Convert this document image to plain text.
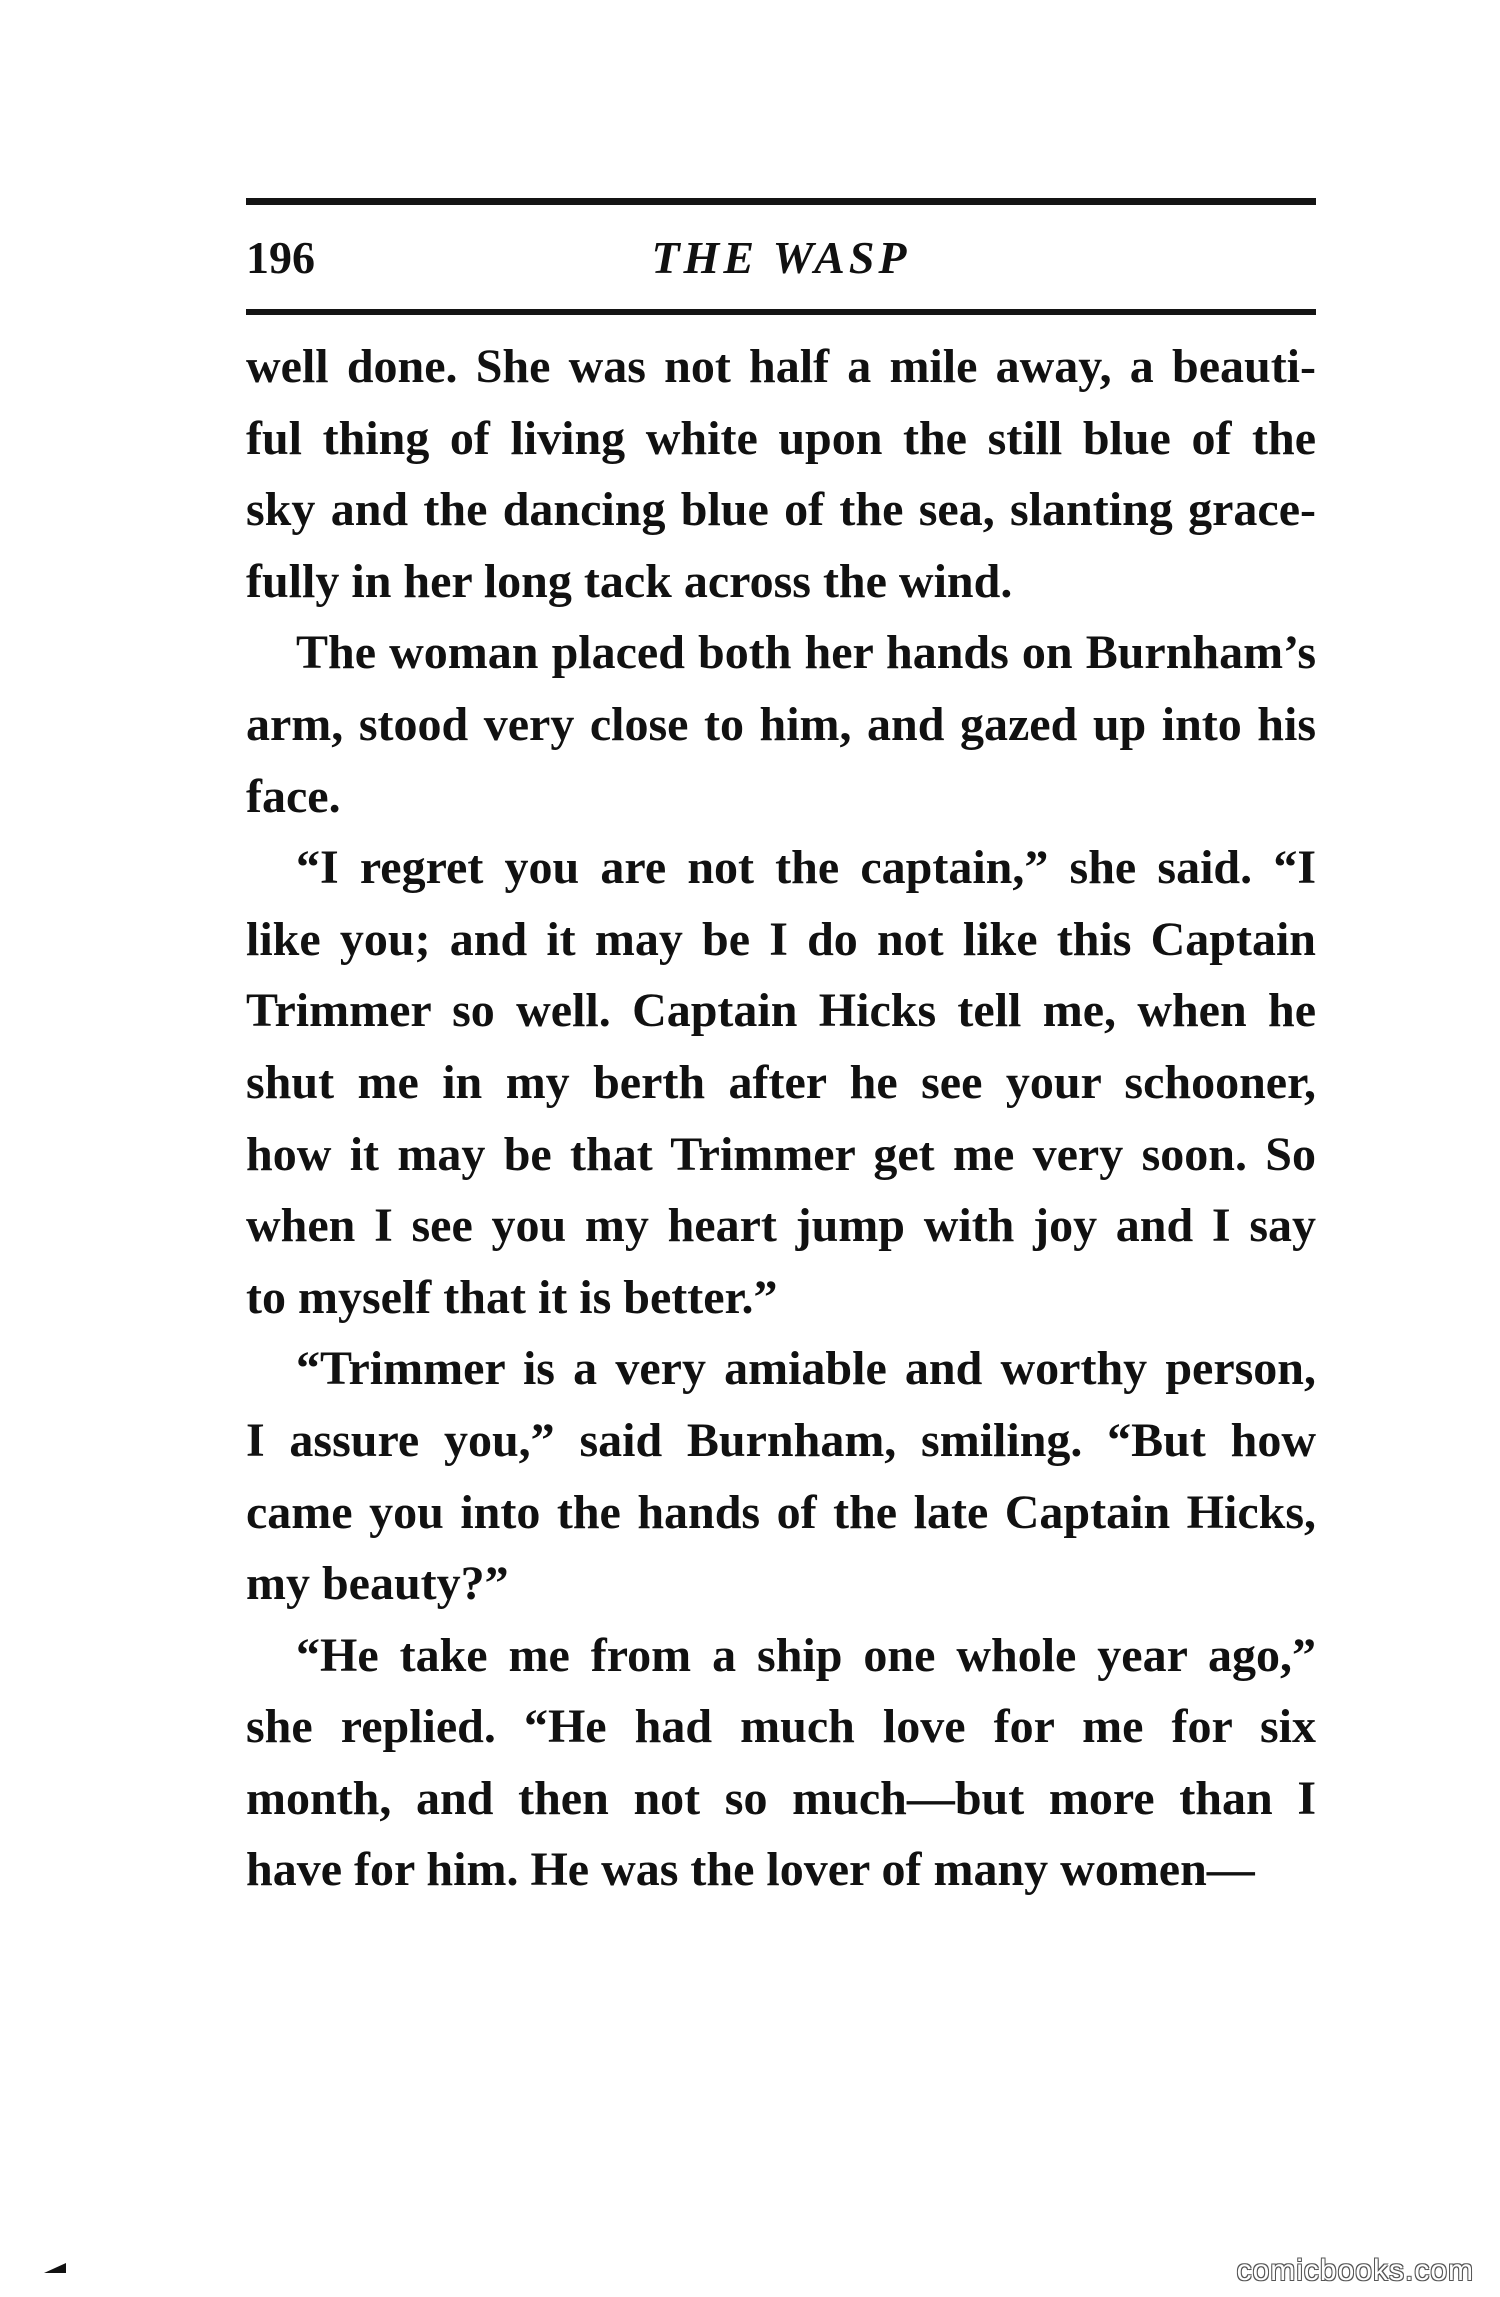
196	THE WASP
well done. She was not half a mile away, a beauti-
ful thing of living white upon the still blue of the
sky and the dancing blue of the sea, slanting grace-
fully in her long tack across the wind.
The woman placed both her hands on Burnham’s
arm, stood very close to him, and gazed up into his
face.
“I regret you are not the captain,” she said. “I
like you; and it may be I do not like this Captain
Trimmer so well. Captain Hicks tell me, when he
shut me in my berth after he see your schooner,
how it may be that Trimmer get me very soon. So
when I see you my heart jump with joy and I say
to myself that it is better.”
“Trimmer is a very amiable and worthy person,
I assure you,” said Burnham, smiling. “But how
came you into the hands of the late Captain Hicks,
my beauty?”
“He take me from a ship one whole year ago,”
she replied. “He had much love for me for six
month, and then not so much—but more than I
have for him. He was the lover of many women—
comicbooks.com
